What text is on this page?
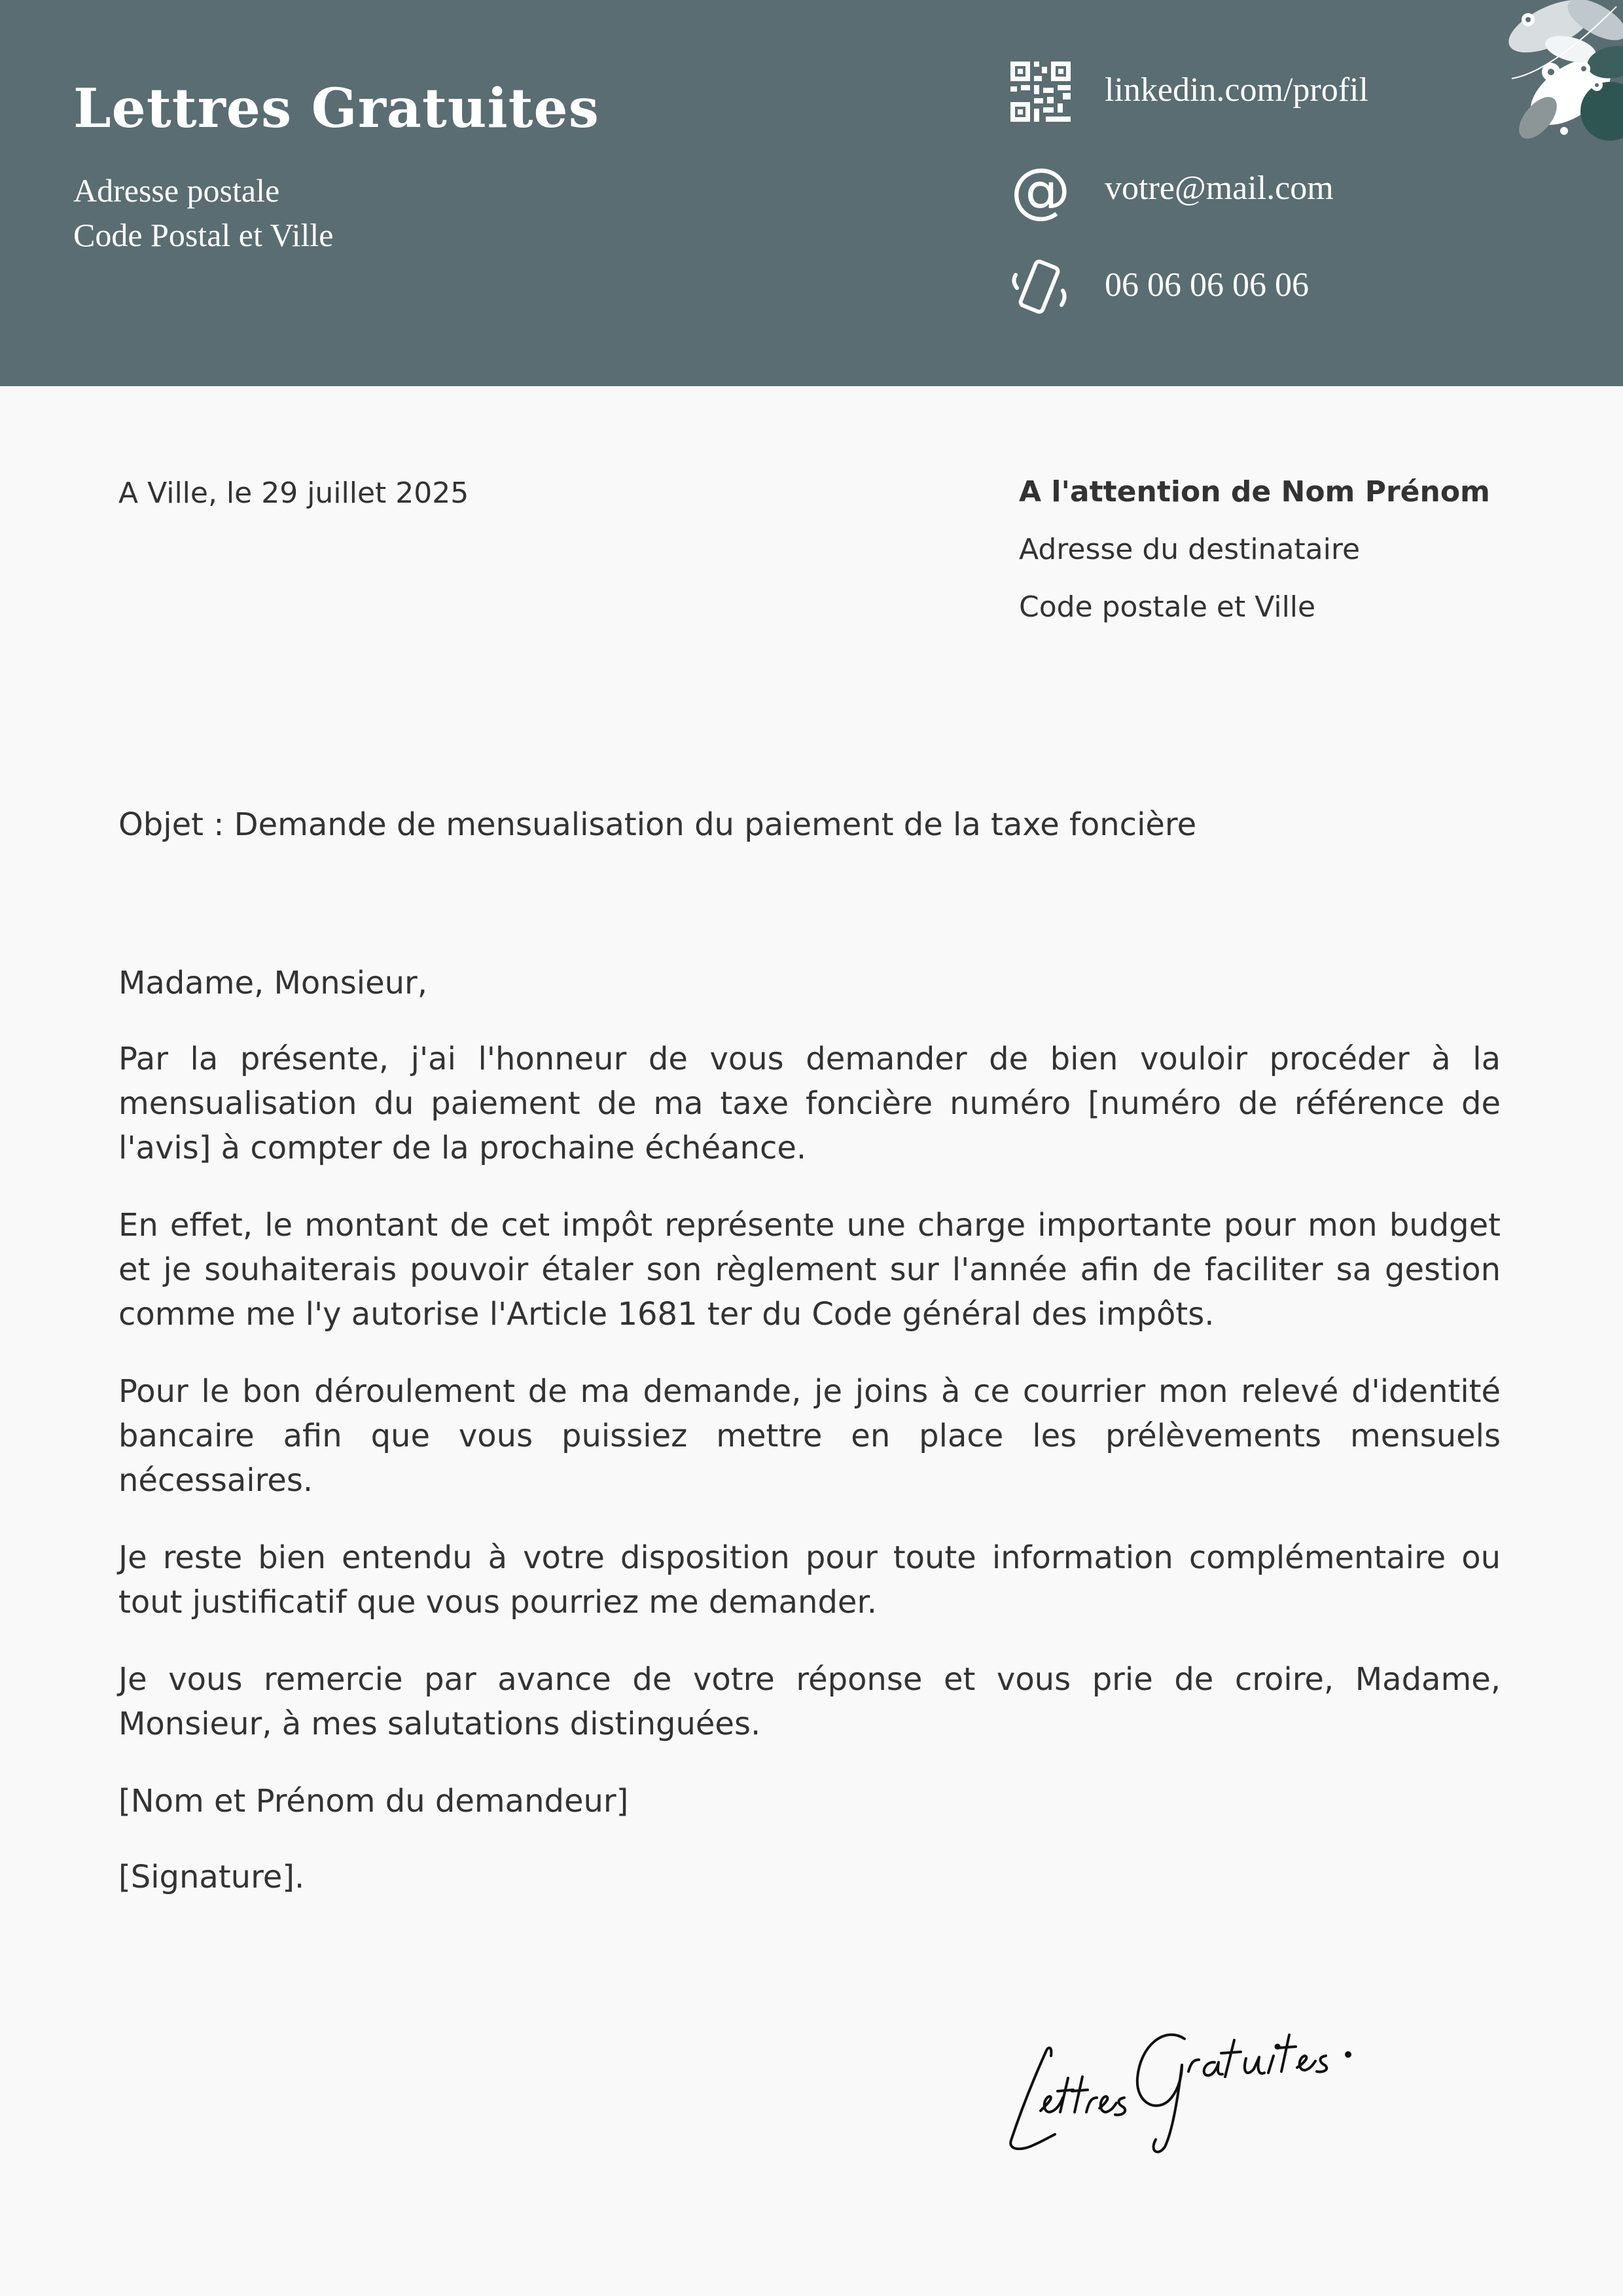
Lettres Gratuites
Adresse postale
Code Postal et Ville
linkedin.com/profil
@ votre@mail.com
06 06 06 06 06
A Ville, le 29 juillet 2025	A l'attention de Nom Prénom
Adresse du destinataire
Code postale et Ville
Objet : Demande de mensualisation du paiement de la taxe foncière

Madame, Monsieur,

Par la présente, j'ai l'honneur de vous demander de bien vouloir procéder à la mensualisation du paiement de ma taxe foncière numéro [numéro de référence de l'avis] à compter de la prochaine échéance.

En effet, le montant de cet impôt représente une charge importante pour mon budget et je souhaiterais pouvoir étaler son règlement sur l'année afin de faciliter sa gestion comme me l'y autorise l'Article 1681 ter du Code général des impôts.

Pour le bon déroulement de ma demande, je joins à ce courrier mon relevé d'identité bancaire afin que vous puissiez mettre en place les prélèvements mensuels nécessaires.

Je reste bien entendu à votre disposition pour toute information complémentaire ou tout justificatif que vous pourriez me demander.

Je vous remercie par avance de votre réponse et vous prie de croire, Madame, Monsieur, à mes salutations distinguées.

[Nom et Prénom du demandeur]

[Signature].
